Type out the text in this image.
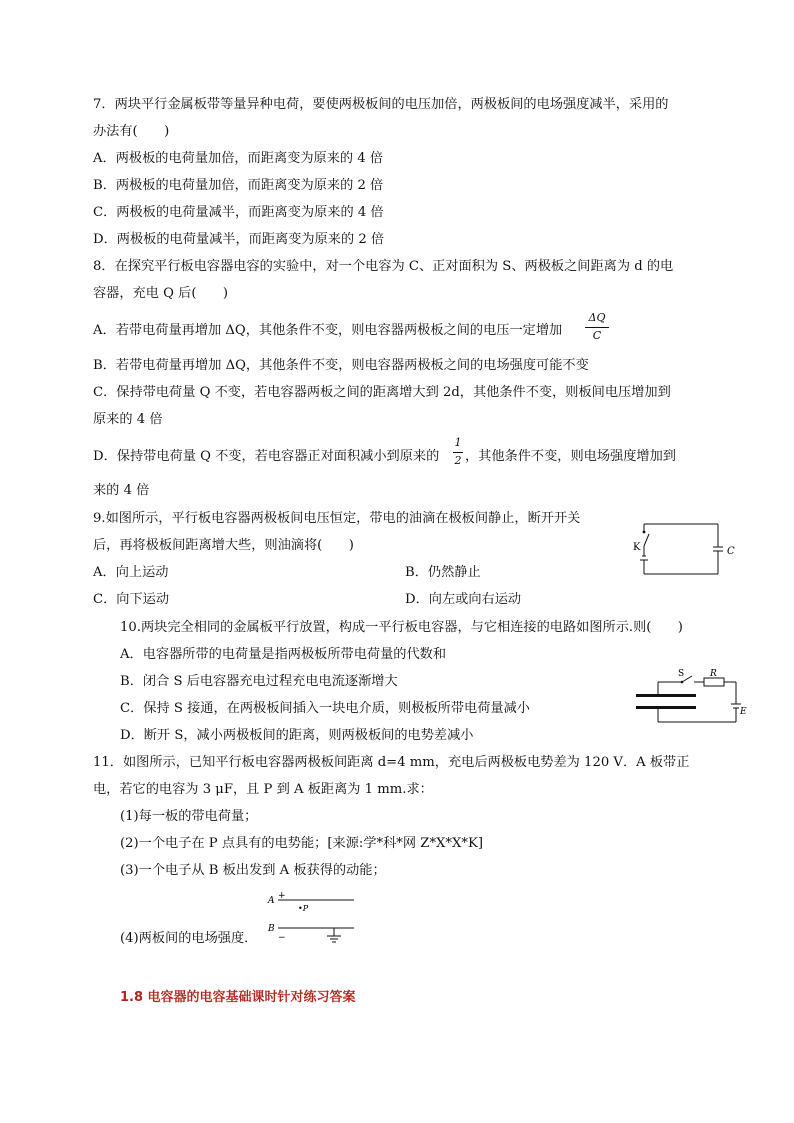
7．两块平行金属板带等量异种电荷，要使两极板间的电压加倍，两极板间的电场强度减半，采用的
办法有(　　)
A．两极板的电荷量加倍，而距离变为原来的 4 倍
B．两极板的电荷量加倍，而距离变为原来的 2 倍
C．两极板的电荷量减半，而距离变为原来的 4 倍
D．两极板的电荷量减半，而距离变为原来的 2 倍
8．在探究平行板电容器电容的实验中，对一个电容为 C、正对面积为 S、两极板之间距离为 d 的电
容器，充电 Q 后(　　)
A．若带电荷量再增加 ΔQ，其他条件不变，则电容器两极板之间的电压一定增加
ΔQ
C
B．若带电荷量再增加 ΔQ，其他条件不变，则电容器两极板之间的电场强度可能不变
C．保持带电荷量 Q 不变，若电容器两板之间的距离增大到 2d，其他条件不变，则板间电压增加到
原来的 4 倍
D．保持带电荷量 Q 不变，若电容器正对面积减小到原来的
1
2 ，其他条件不变，则电场强度增加到
来的 4 倍
9.如图所示，平行板电容器两极板间电压恒定，带电的油滴在极板间静止，断开开关
后，再将极板间距离增大些，则油滴将(　　)
A．向上运动	B．仍然静止
C．向下运动	D．向左或向右运动
K	C
10.两块完全相同的金属板平行放置，构成一平行板电容器，与它相连接的电路如图所示.则(　　)
A．电容器所带的电荷量是指两极板所带电荷量的代数和
B．闭合 S 后电容器充电过程充电电流逐渐增大
C．保持 S 接通，在两极板间插入一块电介质，则极板所带电荷量减小
D．断开 S，减小两极板间的距离，则两极板间的电势差减小
S	R
E
11．如图所示，已知平行板电容器两极板间距离 d=4 mm，充电后两极板电势差为 120 V．A 板带正
电，若它的电容为 3 μF，且 P 到 A 板距离为 1 mm.求：
(1)每一板的带电荷量；
(2)一个电子在 P 点具有的电势能；[来源:学*科*网 Z*X*X*K]
(3)一个电子从 B 板出发到 A 板获得的动能；
(4)两板间的电场强度．
A +
•P
B
−
1.8 电容器的电容基础课时针对练习答案
